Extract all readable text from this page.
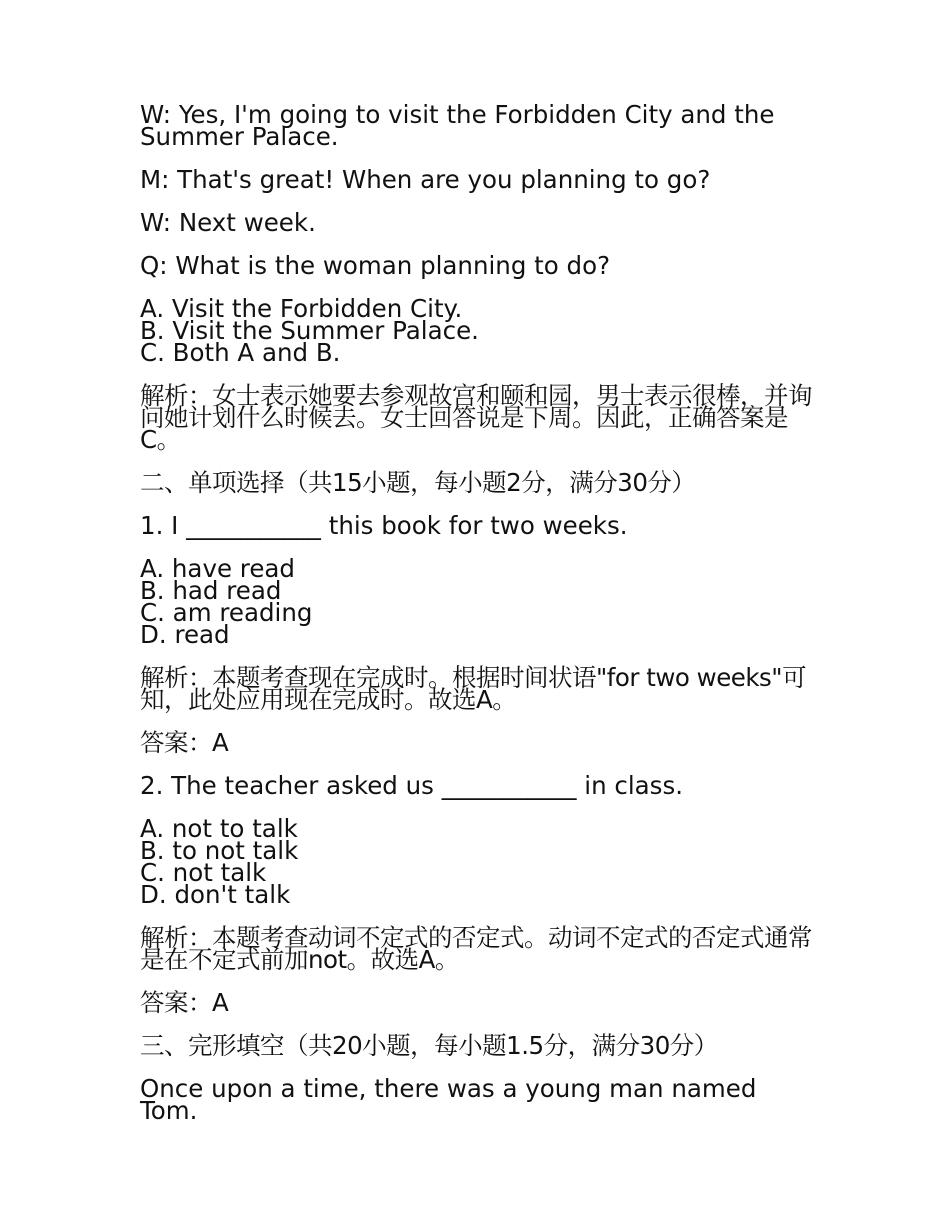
W: Yes, I'm going to visit the Forbidden City and the Summer Palace.

M: That's great! When are you planning to go?

W: Next week.

Q: What is the woman planning to do?

A. Visit the Forbidden City.
B. Visit the Summer Palace.
C. Both A and B.

解析：女士表示她要去参观故宫和颐和园，男士表示很棒，并询问她计划什么时候去。女士回答说是下周。因此，正确答案是C。

二、单项选择（共15小题，每小题2分，满分30分）

1. I ___________ this book for two weeks.

A. have read
B. had read
C. am reading
D. read

解析：本题考查现在完成时。根据时间状语"for two weeks"可知，此处应用现在完成时。故选A。

答案：A

2. The teacher asked us ___________ in class.

A. not to talk
B. to not talk
C. not talk
D. don't talk

解析：本题考查动词不定式的否定式。动词不定式的否定式通常是在不定式前加not。故选A。

答案：A

三、完形填空（共20小题，每小题1.5分，满分30分）

Once upon a time, there was a young man named Tom.
